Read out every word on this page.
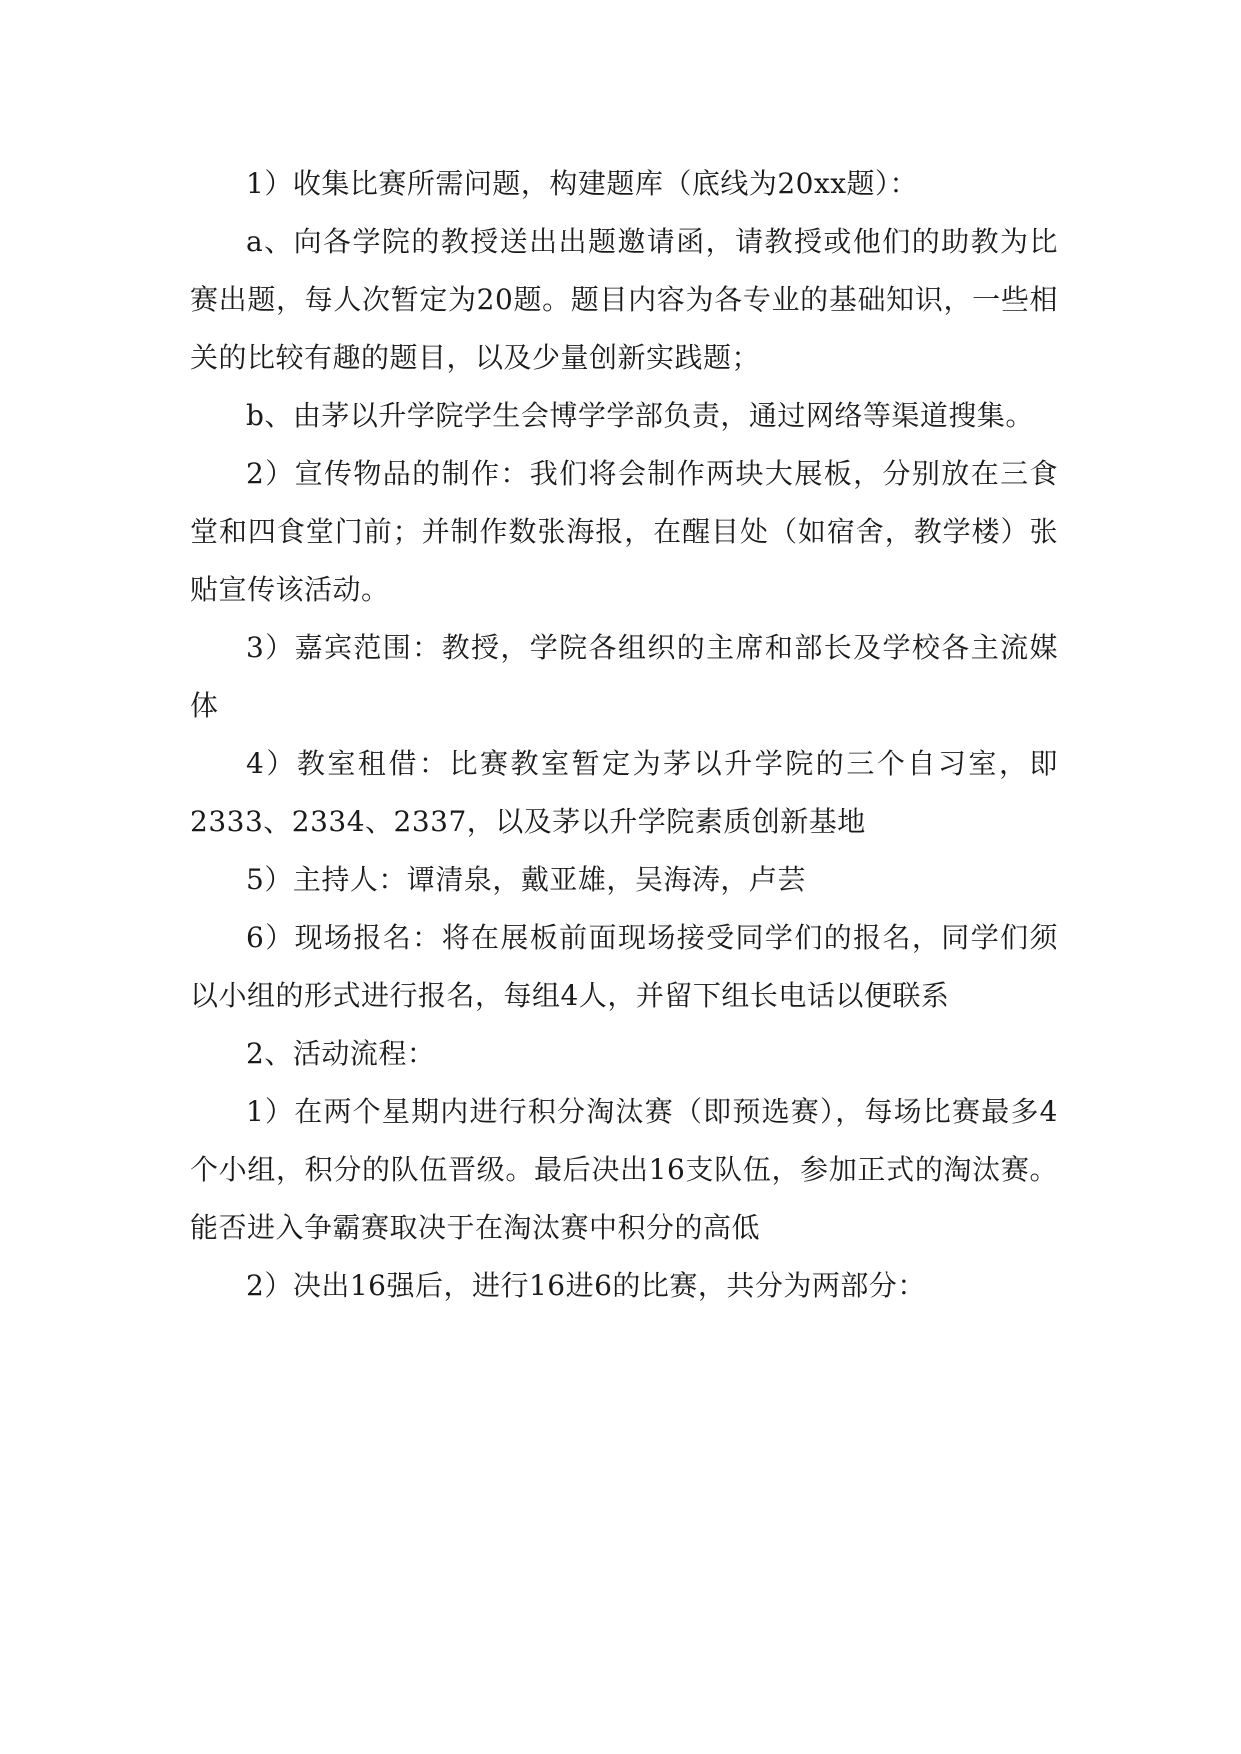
1）收集比赛所需问题，构建题库（底线为20xx题）：

a、向各学院的教授送出出题邀请函，请教授或他们的助教为比赛出题，每人次暂定为20题。题目内容为各专业的基础知识，一些相关的比较有趣的题目，以及少量创新实践题；

b、由茅以升学院学生会博学学部负责，通过网络等渠道搜集。

2）宣传物品的制作：我们将会制作两块大展板，分别放在三食堂和四食堂门前；并制作数张海报，在醒目处（如宿舍，教学楼）张贴宣传该活动。

3）嘉宾范围：教授，学院各组织的主席和部长及学校各主流媒体

4）教室租借：比赛教室暂定为茅以升学院的三个自习室，即2333、2334、2337，以及茅以升学院素质创新基地

5）主持人：谭清泉，戴亚雄，吴海涛，卢芸

6）现场报名：将在展板前面现场接受同学们的报名，同学们须以小组的形式进行报名，每组4人，并留下组长电话以便联系

2、活动流程：

1）在两个星期内进行积分淘汰赛（即预选赛），每场比赛最多4个小组，积分的队伍晋级。最后决出16支队伍，参加正式的淘汰赛。能否进入争霸赛取决于在淘汰赛中积分的高低

2）决出16强后，进行16进6的比赛，共分为两部分：
